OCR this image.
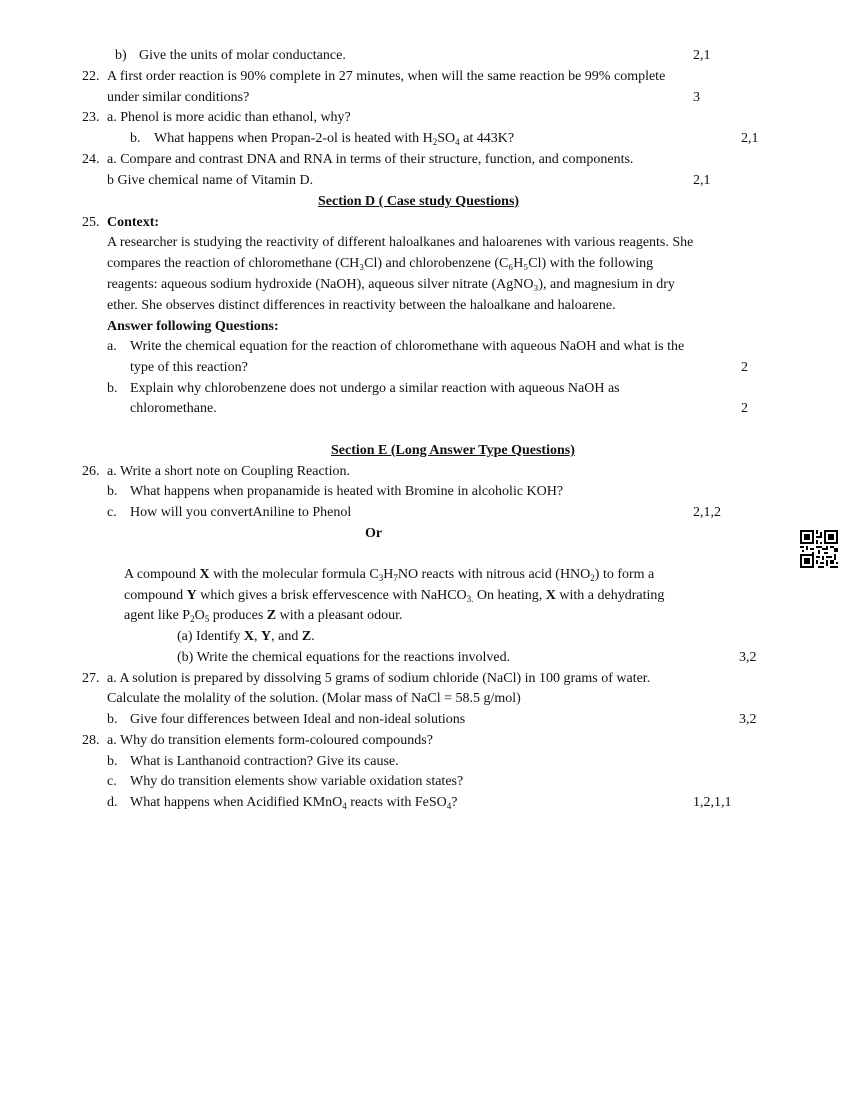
b) Give the units of molar conductance.	2,1
22. A first order reaction is 90% complete in 27 minutes, when will the same reaction be 99% complete
under similar conditions?	3
23. a. Phenol is more acidic than ethanol, why?
b. What happens when Propan-2-ol is heated with $H_2SO_4$ at 443K?	2,1
24. a. Compare and contrast DNA and RNA in terms of their structure, function, and components.
b Give chemical name of Vitamin D.	2,1
Section D ( Case study Questions)
25. Context:
A researcher is studying the reactivity of different haloalkanes and haloarenes with various reagents. She
compares the reaction of chloromethane (CH₃Cl) and chlorobenzene (C₆H₅Cl) with the following
reagents: aqueous sodium hydroxide (NaOH), aqueous silver nitrate (AgNO₃), and magnesium in dry
ether. She observes distinct differences in reactivity between the haloalkane and haloarene.
Answer following Questions:
a. Write the chemical equation for the reaction of chloromethane with aqueous NaOH and what is the
type of this reaction?	2
b. Explain why chlorobenzene does not undergo a similar reaction with aqueous NaOH as
chloromethane.	2
Section E (Long Answer Type Questions)
26. a. Write a short note on Coupling Reaction.
b. What happens when propanamide is heated with Bromine in alcoholic KOH?
c. How will you convertAniline to Phenol	2,1,2
Or
A compound X with the molecular formula $C_3H_7NO$ reacts with nitrous acid $(HNO_2)$ to form a
compound Y which gives a brisk effervescence with NaHCO$_{3.}$ On heating, X with a dehydrating
agent like $P_2O_5$ produces Z with a pleasant odour.
(a) Identify X, Y, and Z.
(b) Write the chemical equations for the reactions involved.	3,2
27. a. A solution is prepared by dissolving 5 grams of sodium chloride (NaCl) in 100 grams of water.
Calculate the molality of the solution. (Molar mass of NaCl = 58.5 g/mol)
b. Give four differences between Ideal and non-ideal solutions	3,2
28. a. Why do transition elements form-coloured compounds?
b. What is Lanthanoid contraction? Give its cause.
c. Why do transition elements show variable oxidation states?
d. What happens when Acidified KMnO$_4$ reacts with FeSO$_4$?	1,2,1,1
